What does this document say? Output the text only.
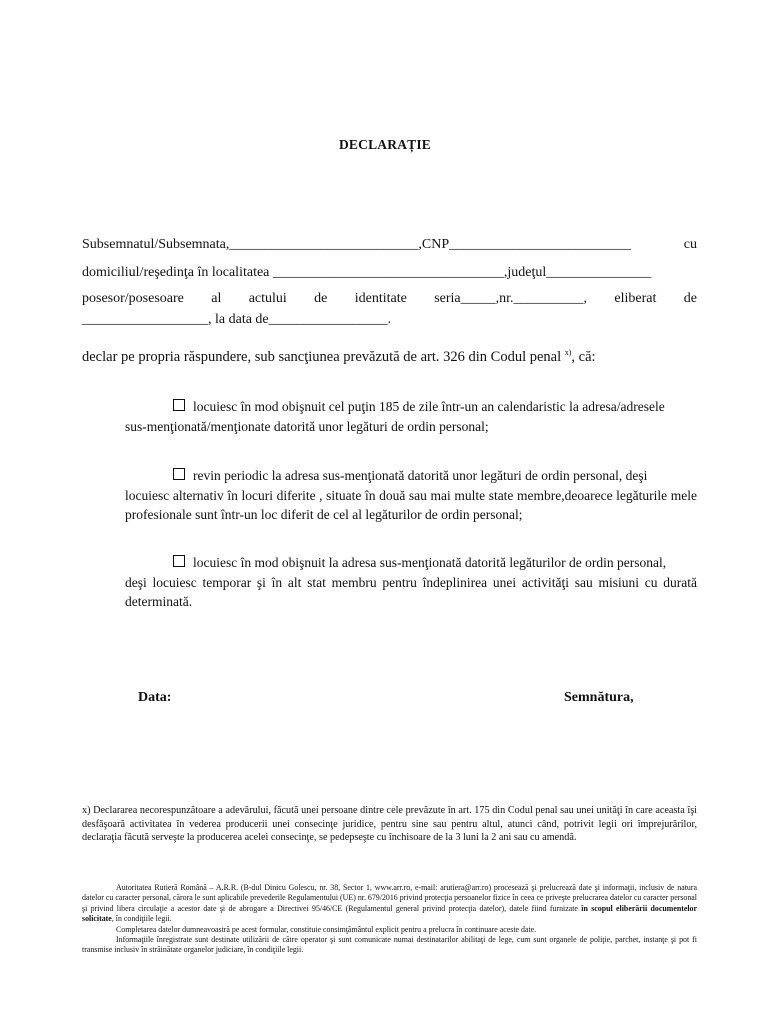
DECLARAȚIE
Subsemnatul/Subsemnata,___________________________,CNP__________________________	cu
domiciliul/reşedinţa în localitatea _________________________________,judeţul_______________
posesor/posesoare al actului de identitate seria_____,nr.__________, eliberat de
__________________, la data de_________________.
declar pe propria răspundere, sub sancţiunea prevăzută de art. 326 din Codul penal $^{x)}$, că:
locuiesc în mod obişnuit cel puţin 185 de zile într-un an calendaristic la adresa/adresele
sus-menţionată/menţionate datorită unor legături de ordin personal;
revin periodic la adresa sus-menţionată datorită unor legături de ordin personal, deşi
locuiesc alternativ în locuri diferite , situate în două sau mai multe state membre,deoarece legăturile mele profesionale sunt într-un loc diferit de cel al legăturilor de ordin personal;
locuiesc în mod obişnuit la adresa sus-menţionată datorită legăturilor de ordin personal,
deşi locuiesc temporar şi în alt stat membru pentru îndeplinirea unei activităţi sau misiuni cu durată determinată.
Data:	Semnătura,
x) Declararea necorespunzătoare a adevărului, făcută unei persoane dintre cele prevăzute în art. 175 din Codul penal sau unei unităţi în care aceasta îşi desfăşoară activitatea în vederea producerii unei consecinţe juridice, pentru sine sau pentru altul, atunci când, potrivit legii ori împrejurărilor, declaraţia făcută serveşte la producerea acelei consecinţe, se pedepseşte cu închisoare de la 3 luni la 2 ani sau cu amendă.

Autoritatea Rutieră Română – A.R.R. (B-dul Dinicu Golescu, nr. 38, Sector 1, www.arr.ro, e-mail: arutiera@arr.ro) procesează şi prelucrează date şi informaţii, inclusiv de natura datelor cu caracter personal, cărora le sunt aplicabile prevederile Regulamentului (UE) nr. 679/2016 privind protecţia persoanelor fizice în ceea ce priveşte prelucrarea datelor cu caracter personal şi privind libera circulaţie a acestor date şi de abrogare a Directivei 95/46/CE (Regulamentul general privind protecţia datelor), datele fiind furnizate în scopul eliberării documentelor solicitate, în condiţiile legii.

Completarea datelor dumneavoastră pe acest formular, constituie consimţământul explicit pentru a prelucra în continuare aceste date.

Informaţiile înregistrate sunt destinate utilizării de către operator şi sunt comunicate numai destinatarilor abilitaţi de lege, cum sunt organele de poliţie, parchet, instanţe şi pot fi transmise inclusiv în străinătate organelor judiciare, în condiţiile legii.
